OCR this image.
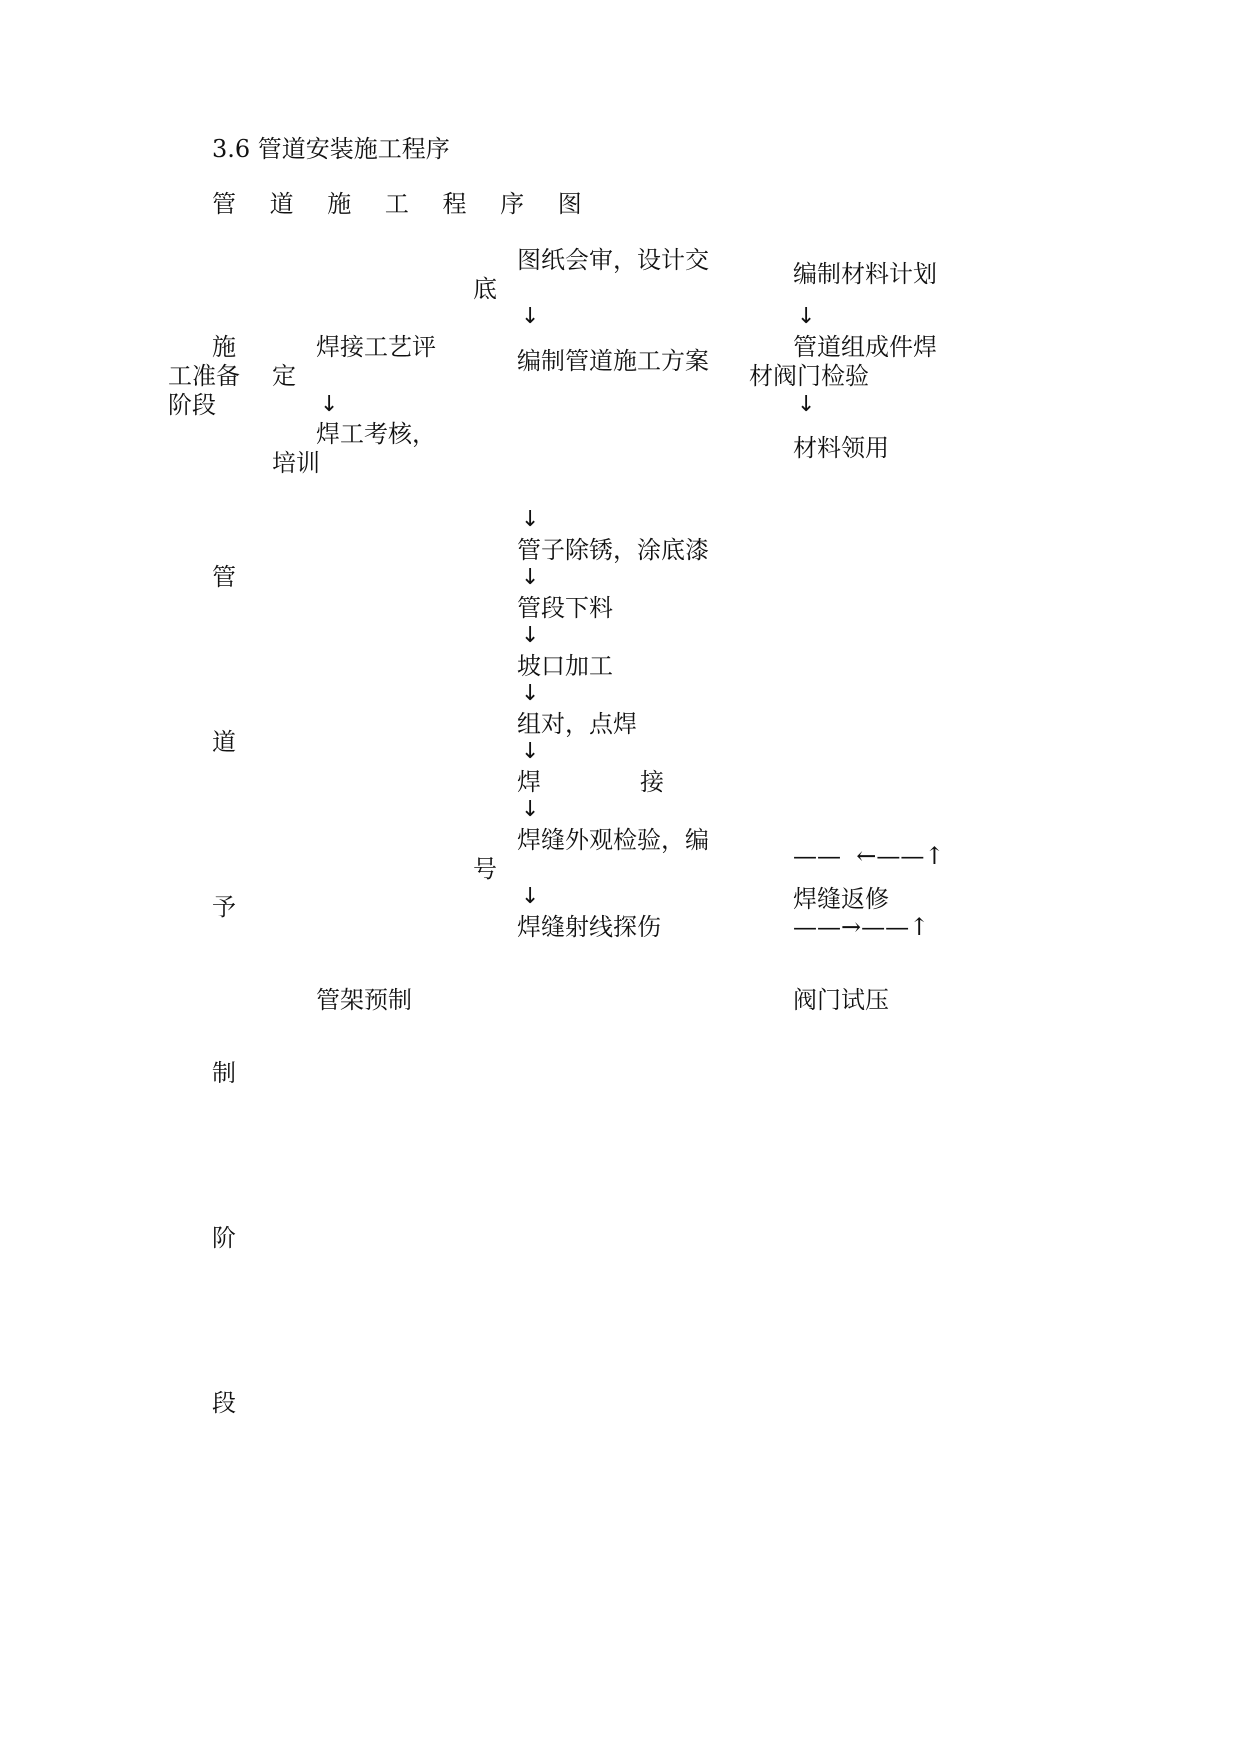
3.6 管道安装施工程序
管 道 施 工 程 序 图
施
工准备
阶段
管
道
予
制
阶
段
焊接工艺评
定
↓
焊工考核，
培训
管架预制
图纸会审，设计交
底
↓
编制管道施工方案
↓
管子除锈，涂底漆
↓
管段下料
↓
坡口加工
↓
组对，点焊
↓
焊	接
↓
焊缝外观检验，编
号
↓
焊缝射线探伤
编制材料计划
↓
管道组成件焊
材阀门检验
↓
材料领用
——  ←——↑
焊缝返修
——→——↑
阀门试压
